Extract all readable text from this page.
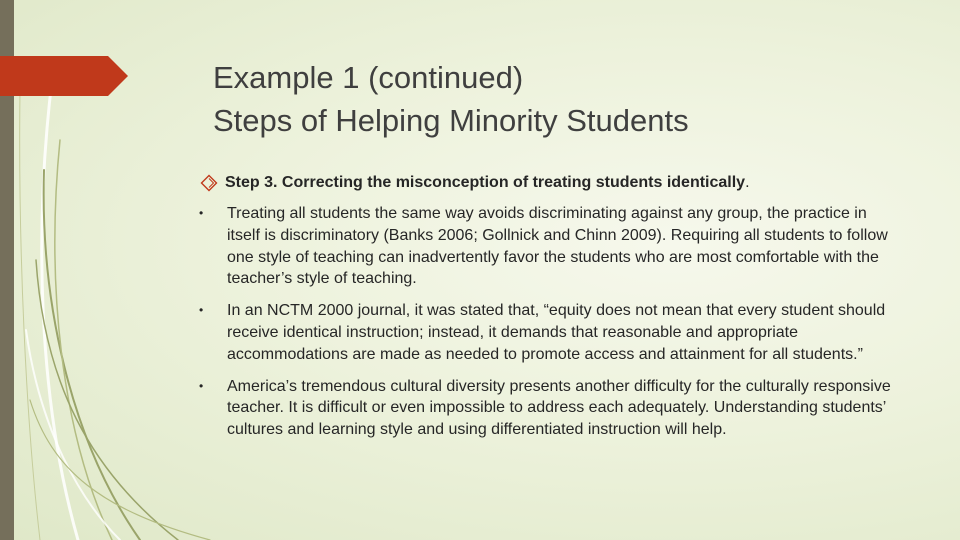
Example 1 (continued)
Steps of Helping Minority Students
Step 3. Correcting the misconception of treating students identically .
•	Treating all students the same way avoids discriminating against any group, the practice in itself is discriminatory (Banks 2006; Gollnick and Chinn 2009). Requiring all students to follow one style of teaching can inadvertently favor the students who are most comfortable with the teacher’s style of teaching.
•	In an NCTM 2000 journal, it was stated that, “equity does not mean that every student should receive identical instruction; instead, it demands that reasonable and appropriate accommodations are made as needed to promote access and attainment for all students.”
•	America’s tremendous cultural diversity presents another difficulty for the culturally responsive teacher. It is difficult or even impossible to address each adequately. Understanding students’ cultures and learning style and using differentiated instruction will help.
